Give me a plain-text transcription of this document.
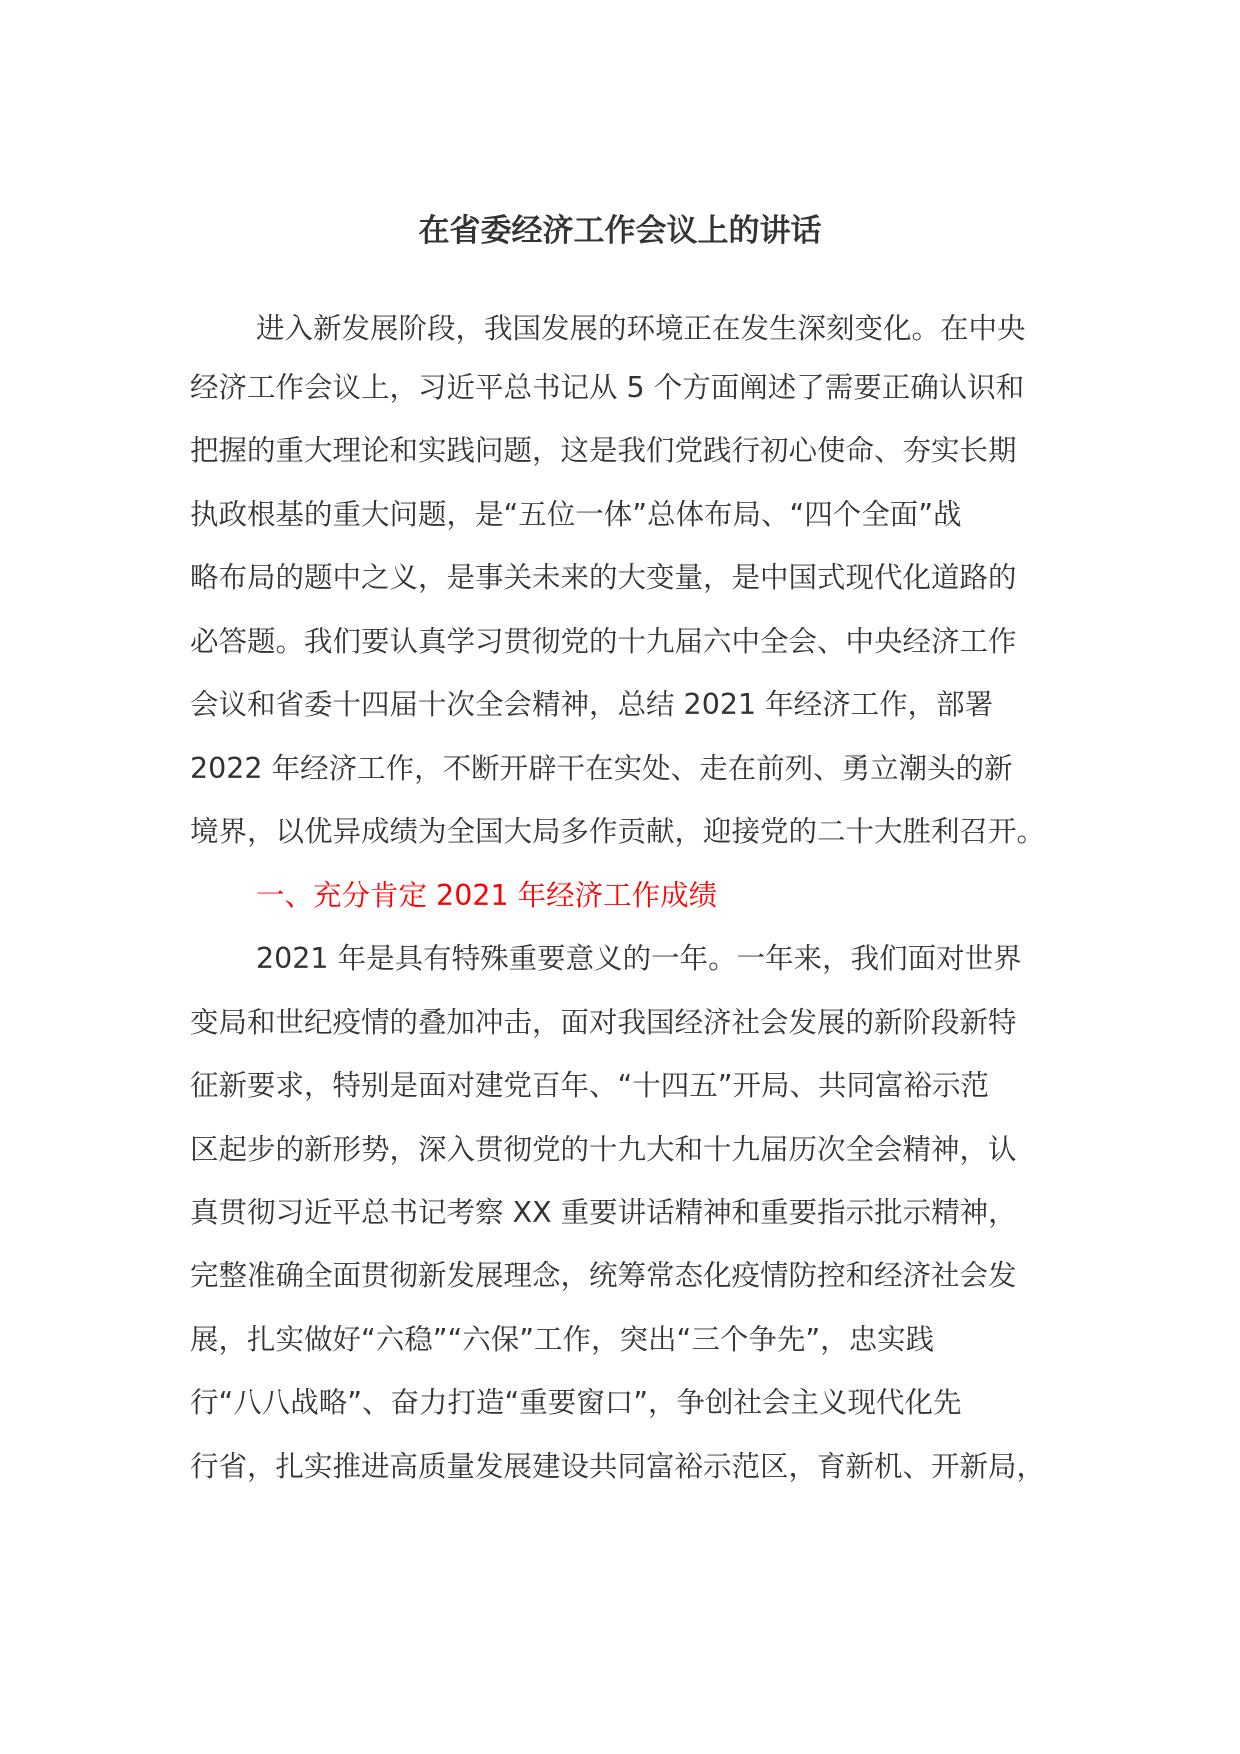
在省委经济工作会议上的讲话
进入新发展阶段，我国发展的环境正在发生深刻变化。在中央
经济工作会议上，习近平总书记从 5 个方面阐述了需要正确认识和
把握的重大理论和实践问题，这是我们党践行初心使命、夯实长期
执政根基的重大问题，是“五位一体”总体布局、“四个全面”战
略布局的题中之义，是事关未来的大变量，是中国式现代化道路的
必答题。我们要认真学习贯彻党的十九届六中全会、中央经济工作
会议和省委十四届十次全会精神，总结 2021 年经济工作，部署
2022 年经济工作，不断开辟干在实处、走在前列、勇立潮头的新
境界，以优异成绩为全国大局多作贡献，迎接党的二十大胜利召开。
一、充分肯定 2021 年经济工作成绩
2021 年是具有特殊重要意义的一年。一年来，我们面对世界
变局和世纪疫情的叠加冲击，面对我国经济社会发展的新阶段新特
征新要求，特别是面对建党百年、“十四五”开局、共同富裕示范
区起步的新形势，深入贯彻党的十九大和十九届历次全会精神，认
真贯彻习近平总书记考察 XX 重要讲话精神和重要指示批示精神，
完整准确全面贯彻新发展理念，统筹常态化疫情防控和经济社会发
展，扎实做好“六稳”“六保”工作，突出“三个争先”，忠实践
行“八八战略”、奋力打造“重要窗口”，争创社会主义现代化先
行省，扎实推进高质量发展建设共同富裕示范区，育新机、开新局，
